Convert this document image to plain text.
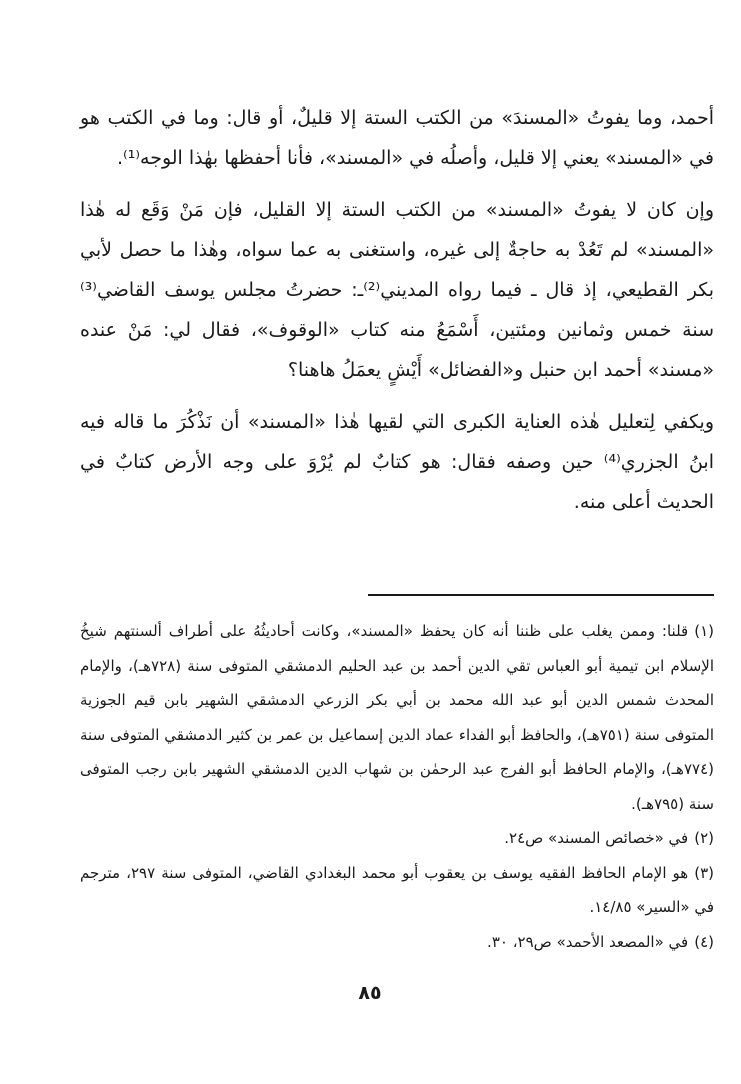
أحمد، وما يفوتُ «المسندَ» من الكتب الستة إلا قليلٌ، أو قال: وما في الكتب هو في «المسند» يعني إلا قليل، وأصلُه في «المسند»، فأنا أحفظها بهٰذا الوجه⁽¹⁾.

وإن كان لا يفوتُ «المسند» من الكتب الستة إلا القليل، فإن مَنْ وَقَع له هٰذا «المسند» لم تَعُدْ به حاجةٌ إلى غيره، واستغنى به عما سواه، وهٰذا ما حصل لأبي بكر القطيعي، إذ قال ـ فيما رواه المديني⁽²⁾ـ: حضرتُ مجلس يوسف القاضي⁽³⁾ سنة خمس وثمانين ومئتين، أَسْمَعُ منه كتاب «الوقوف»، فقال لي: مَنْ عنده «مسند» أحمد ابن حنبل و«الفضائل» أَيْشٍ يعمَلُ هاهنا؟

ويكفي لِتعليل هٰذه العناية الكبرى التي لقيها هٰذا «المسند» أن نَذْكُرَ ما قاله فيه ابنُ الجزري⁽⁴⁾ حين وصفه فقال: هو كتابٌ لم يُرْوَ على وجه الأرض كتابٌ في الحديث أعلى منه.

(١)قلنا: وممن يغلب على ظننا أنه كان يحفظ «المسند»، وكانت أحاديثُهُ على أطراف ألسنتهم شيخُ الإسلام ابن تيمية أبو العباس تقي الدين أحمد بن عبد الحليم الدمشقي المتوفى سنة (٧٢٨هـ)، والإمام المحدث شمس الدين أبو عبد الله محمد بن أبي بكر الزرعي الدمشقي الشهير بابن قيم الجوزية المتوفى سنة (٧٥١هـ)، والحافظ أبو الفداء عماد الدين إسماعيل بن عمر بن كثير الدمشقي المتوفى سنة (٧٧٤هـ)، والإمام الحافظ أبو الفرج عبد الرحمٰن بن شهاب الدين الدمشقي الشهير بابن رجب المتوفى سنة (٧٩٥هـ).

(٢)في «خصائص المسند» ص٢٤.

(٣)هو الإمام الحافظ الفقيه يوسف بن يعقوب أبو محمد البغدادي القاضي، المتوفى سنة ٢٩٧، مترجم في «السير» ١٤/٨٥.

(٤)في «المصعد الأحمد» ص٢٩، ٣٠.

٨٥
